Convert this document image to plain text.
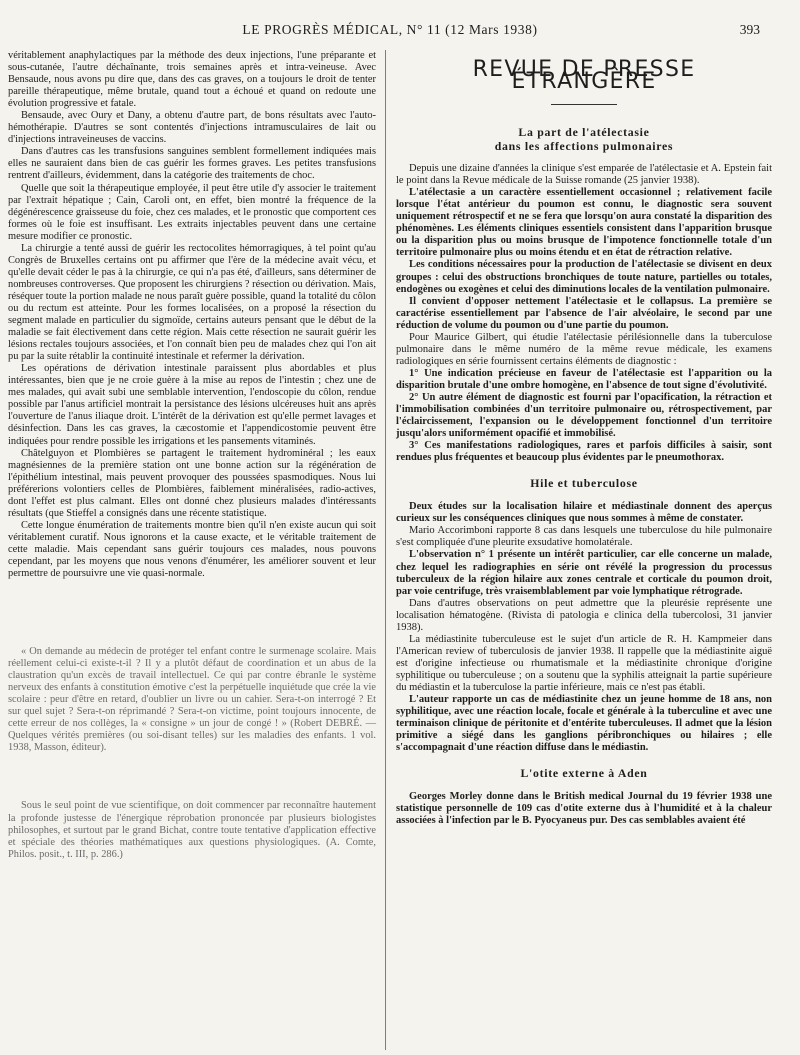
LE PROGRÈS MÉDICAL, N° 11 (12 Mars 1938)	393

véritablement anaphylactiques par la méthode des deux injections, l'une préparante et sous-cutanée, l'autre déchaînante, trois semaines après et intra-veineuse. Avec Bensaude, nous avons pu dire que, dans des cas graves, on a toujours le droit de tenter pareille thérapeutique, même brutale, quand tout a échoué et quand on redoute une évolution progressive et fatale.

Bensaude, avec Oury et Dany, a obtenu d'autre part, de bons résultats avec l'auto-hémothérapie. D'autres se sont contentés d'injections intramusculaires de lait ou d'injections intraveineuses de vaccins.

Dans d'autres cas les transfusions sanguines semblent formellement indiquées mais elles ne sauraient dans bien de cas guérir les formes graves. Les petites transfusions rentrent d'ailleurs, évidemment, dans la catégorie des traitements de choc.

Quelle que soit la thérapeutique employée, il peut être utile d'y associer le traitement par l'extrait hépatique ; Cain, Caroli ont, en effet, bien montré la fréquence de la dégénérescence graisseuse du foie, chez ces malades, et le pronostic que comportent ces formes où le foie est insuffisant. Les extraits injectables peuvent dans une certaine mesure modifier ce pronostic.

La chirurgie a tenté aussi de guérir les rectocolites hémorragiques, à tel point qu'au Congrès de Bruxelles certains ont pu affirmer que l'ère de la médecine avait vécu, et qu'elle devait céder le pas à la chirurgie, ce qui n'a pas été, d'ailleurs, sans déterminer de nombreuses controverses. Que proposent les chirurgiens ? résection ou dérivation. Mais, réséquer toute la portion malade ne nous paraît guère possible, quand la totalité du côlon ou du rectum est atteinte. Pour les formes localisées, on a proposé la résection du segment malade en particulier du sigmoïde, certains auteurs pensant que le début de la maladie se fait électivement dans cette région. Mais cette résection ne saurait guérir les lésions rectales toujours associées, et l'on connaît bien peu de malades chez qui l'on ait pu par la suite rétablir la continuité intestinale et refermer la dérivation.

Les opérations de dérivation intestinale paraissent plus abordables et plus intéressantes, bien que je ne croie guère à la mise au repos de l'intestin ; chez une de mes malades, qui avait subi une semblable intervention, l'endoscopie du côlon, rendue possible par l'anus artificiel montrait la persistance des lésions ulcéreuses huit ans après l'ouverture de l'anus iliaque droit. L'intérêt de la dérivation est qu'elle permet lavages et désinfection. Dans les cas graves, la cæcostomie et l'appendicostomie peuvent être indiquées pour rendre possible les irrigations et les pansements vitaminés.

Châtelguyon et Plombières se partagent le traitement hydrominéral ; les eaux magnésiennes de la première station ont une bonne action sur la régénération de l'épithélium intestinal, mais peuvent provoquer des poussées spasmodiques. Nous lui préférerions volontiers celles de Plombières, faiblement minéralisées, radio-actives, dont l'effet est plus calmant. Elles ont donné chez plusieurs malades d'intéressants résultats (que Stieffel a consignés dans une récente statistique.

Cette longue énumération de traitements montre bien qu'il n'en existe aucun qui soit véritablement curatif. Nous ignorons et la cause exacte, et le véritable traitement de cette maladie. Mais cependant sans guérir toujours ces malades, nous pouvons cependant, par les moyens que nous venons d'énumérer, les améliorer souvent et leur permettre de poursuivre une vie quasi-normale.

« On demande au médecin de protéger tel enfant contre le surmenage scolaire. Mais réellement celui-ci existe-t-il ? Il y a plutôt défaut de coordination et un abus de la claustration qu'un excès de travail intellectuel. Ce qui par contre ébranle le système nerveux des enfants à constitution émotive c'est la perpétuelle inquiétude que crée la vie scolaire : peur d'être en retard, d'oublier un livre ou un cahier. Sera-t-on interrogé ? Et sur quel sujet ? Sera-t-on réprimandé ? Sera-t-on victime, point toujours innocente, de cette erreur de nos collèges, la « consigne » un jour de congé ! » (Robert DEBRÉ. — Quelques vérités premières (ou soi-disant telles) sur les maladies des enfants. 1 vol. 1938, Masson, éditeur).

Sous le seul point de vue scientifique, on doit commencer par reconnaître hautement la profonde justesse de l'énergique réprobation prononcée par plusieurs biologistes philosophes, et surtout par le grand Bichat, contre toute tentative d'application effective et spéciale des théories mathématiques aux questions physiologiques. (A. Comte, Philos. posit., t. III, p. 286.)

REVUE DE PRESSE ÉTRANGÈRE
La part de l'atélectasie
dans les affections pulmonaires

Depuis une dizaine d'années la clinique s'est emparée de l'atélectasie et A. Epstein fait le point dans la Revue médicale de la Suisse romande (25 janvier 1938).

L'atélectasie a un caractère essentiellement occasionnel ; relativement facile lorsque l'état antérieur du poumon est connu, le diagnostic sera souvent uniquement rétrospectif et ne se fera que lorsqu'on aura constaté la disparition des phénomènes. Les éléments cliniques essentiels consistent dans l'apparition brusque ou la disparition plus ou moins brusque de l'impotence fonctionnelle totale d'un territoire pulmonaire plus ou moins étendu et en état de rétraction relative.

Les conditions nécessaires pour la production de l'atélectasie se divisent en deux groupes : celui des obstructions bronchiques de toute nature, partielles ou totales, endogènes ou exogènes et celui des diminutions locales de la ventilation pulmonaire.

Il convient d'opposer nettement l'atélectasie et le collapsus. La première se caractérise essentiellement par l'absence de l'air alvéolaire, le second par une réduction de volume du poumon ou d'une partie du poumon.

Pour Maurice Gilbert, qui étudie l'atélectasie périlésionnelle dans la tuberculose pulmonaire dans le même numéro de la même revue médicale, les examens radiologiques en série fournissent certains éléments de diagnostic :

1° Une indication précieuse en faveur de l'atélectasie est l'apparition ou la disparition brutale d'une ombre homogène, en l'absence de tout signe d'évolutivité.

2° Un autre élément de diagnostic est fourni par l'opacification, la rétraction et l'immobilisation combinées d'un territoire pulmonaire ou, rétrospectivement, par l'éclaircissement, l'expansion ou le développement fonctionnel d'un territoire jusqu'alors uniformément opacifié et immobilisé.

3° Ces manifestations radiologiques, rares et parfois difficiles à saisir, sont rendues plus fréquentes et beaucoup plus évidentes par le pneumothorax.

Hile et tuberculose

Deux études sur la localisation hilaire et médiastinale donnent des aperçus curieux sur les conséquences cliniques que nous sommes à même de constater.

Mario Accorimboni rapporte 8 cas dans lesquels une tuberculose du hile pulmonaire s'est compliquée d'une pleurite exsudative homolatérale.

L'observation n° 1 présente un intérêt particulier, car elle concerne un malade, chez lequel les radiographies en série ont révélé la progression du processus tuberculeux de la région hilaire aux zones centrale et corticale du poumon droit, par voie centrifuge, très vraisemblablement par voie lymphatique rétrograde.

Dans d'autres observations on peut admettre que la pleurésie représente une localisation hématogène. (Rivista di patologia e clinica della tubercolosi, 31 janvier 1938).

La médiastinite tuberculeuse est le sujet d'un article de R. H. Kampmeier dans l'American review of tuberculosis de janvier 1938. Il rappelle que la médiastinite aiguë est d'origine infectieuse ou rhumatismale et la médiastinite chronique d'origine syphilitique ou tuberculeuse ; on a soutenu que la syphilis atteignait la partie supérieure du médiastin et la tuberculose la partie inférieure, mais ce n'est pas établi.

L'auteur rapporte un cas de médiastinite chez un jeune homme de 18 ans, non syphilitique, avec une réaction locale, focale et générale à la tuberculine et avec une terminaison clinique de péritonite et d'entérite tuberculeuses. Il admet que la lésion primitive a siégé dans les ganglions péribronchiques ou hilaires ; elle s'accompagnait d'une réaction diffuse dans le médiastin.

L'otite externe à Aden

Georges Morley donne dans le British medical Journal du 19 février 1938 une statistique personnelle de 109 cas d'otite externe dus à l'humidité et à la chaleur associées à l'infection par le B. Pyocyaneus pur. Des cas semblables avaient été
